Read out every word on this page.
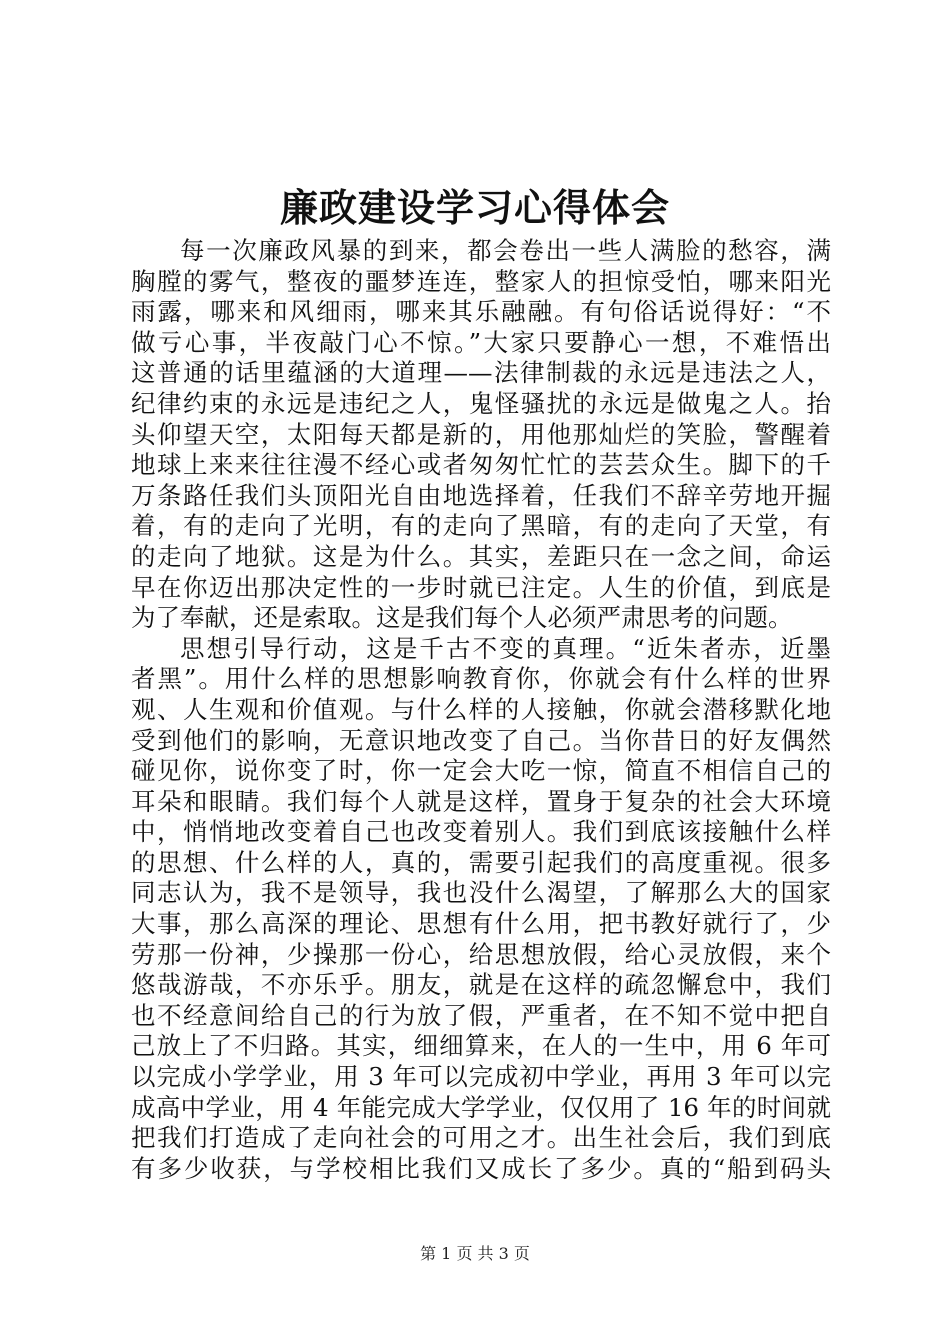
廉政建设学习心得体会
每一次廉政风暴的到来，都会卷出一些人满脸的愁容，满
胸膛的雾气，整夜的噩梦连连，整家人的担惊受怕，哪来阳光
雨露，哪来和风细雨，哪来其乐融融。有句俗话说得好：“不
做亏心事，半夜敲门心不惊。”大家只要静心一想，不难悟出
这普通的话里蕴涵的大道理——法律制裁的永远是违法之人，
纪律约束的永远是违纪之人，鬼怪骚扰的永远是做鬼之人。抬
头仰望天空，太阳每天都是新的，用他那灿烂的笑脸，警醒着
地球上来来往往漫不经心或者匆匆忙忙的芸芸众生。脚下的千
万条路任我们头顶阳光自由地选择着，任我们不辞辛劳地开掘
着，有的走向了光明，有的走向了黑暗，有的走向了天堂，有
的走向了地狱。这是为什么。其实，差距只在一念之间，命运
早在你迈出那决定性的一步时就已注定。人生的价值，到底是
为了奉献，还是索取。这是我们每个人必须严肃思考的问题。
思想引导行动，这是千古不变的真理。“近朱者赤，近墨
者黑”。用什么样的思想影响教育你，你就会有什么样的世界
观、人生观和价值观。与什么样的人接触，你就会潜移默化地
受到他们的影响，无意识地改变了自己。当你昔日的好友偶然
碰见你，说你变了时，你一定会大吃一惊，简直不相信自己的
耳朵和眼睛。我们每个人就是这样，置身于复杂的社会大环境
中，悄悄地改变着自己也改变着别人。我们到底该接触什么样
的思想、什么样的人，真的，需要引起我们的高度重视。很多
同志认为，我不是领导，我也没什么渴望，了解那么大的国家
大事，那么高深的理论、思想有什么用，把书教好就行了，少
劳那一份神，少操那一份心，给思想放假，给心灵放假，来个
悠哉游哉，不亦乐乎。朋友，就是在这样的疏忽懈怠中，我们
也不经意间给自己的行为放了假，严重者，在不知不觉中把自
己放上了不归路。其实，细细算来，在人的一生中，用 6 年可
以完成小学学业，用 3 年可以完成初中学业，再用 3 年可以完
成高中学业，用 4 年能完成大学学业，仅仅用了 16 年的时间就
把我们打造成了走向社会的可用之才。出生社会后，我们到底
有多少收获，与学校相比我们又成长了多少。真的“船到码头
第 1 页 共 3 页
